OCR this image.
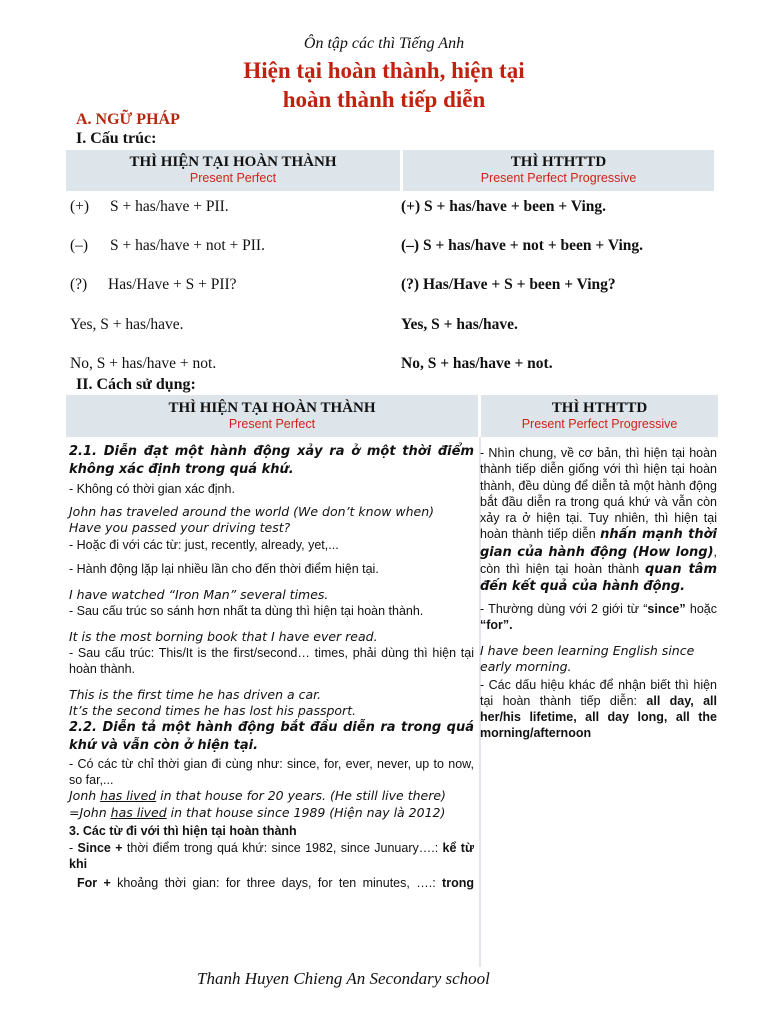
Ôn tập các thì Tiếng Anh
Hiện tại hoàn thành, hiện tại
hoàn thành tiếp diễn
A. NGỮ PHÁP
I. Cấu trúc:
THÌ HIỆN TẠI HOÀN THÀNH
Present Perfect
THÌ HTHTTD
Present Perfect Progressive
(+) S + has/have + PII.
(–) S + has/have + not + PII.
(?) Has/Have + S + PII?
Yes, S + has/have.
No, S + has/have + not.
(+) S + has/have + been + Ving.
(–) S + has/have + not + been + Ving.
(?) Has/Have + S + been + Ving?
Yes, S + has/have.
No, S + has/have + not.
II. Cách sử dụng:
THÌ HIỆN TẠI HOÀN THÀNH
Present Perfect
THÌ HTHTTD
Present Perfect Progressive
2.1. Diễn đạt một hành động xảy ra ở một thời điểm không xác định trong quá khứ.
- Không có thời gian xác định.
John has traveled around the world (We don’t know when)
Have you passed your driving test?
- Hoặc đi với các từ: just, recently, already, yet,...
- Hành động lặp lại nhiều lần cho đến thời điểm hiện tại.
I have watched “Iron Man” several times.
- Sau cấu trúc so sánh hơn nhất ta dùng thì hiện tại hoàn thành.
It is the most borning book that I have ever read.
- Sau cấu trúc: This/It is the first/second… times, phải dùng thì hiện tại hoàn thành.
This is the first time he has driven a car.
It’s the second times he has lost his passport.
2.2. Diễn tả một hành động bắt đầu diễn ra trong quá khứ và vẫn còn ở hiện tại.
- Có các từ chỉ thời gian đi cùng như: since, for, ever, never, up to now, so far,...
Jonh has lived in that house for 20 years. (He still live there)
=John has lived in that house since 1989 (Hiện nay là 2012)
3. Các từ đi với thì hiện tại hoàn thành
- Since + thời điểm trong quá khứ: since 1982, since Junuary….: kể từ khi
For + khoảng thời gian: for three days, for ten minutes, ….: trong
- Nhìn chung, về cơ bản, thì hiện tại hoàn thành tiếp diễn giống với thì hiện tại hoàn thành, đều dùng để diễn tả một hành động bắt đầu diễn ra trong quá khứ và vẫn còn xảy ra ở hiện tại. Tuy nhiên, thì hiện tại hoàn thành tiếp diễn nhấn mạnh thời gian của hành động (How long), còn thì hiện tại hoàn thành quan tâm đến kết quả của hành động.
- Thường dùng với 2 giới từ “since” hoặc “for”.
I have been learning English since early morning.
- Các dấu hiệu khác để nhận biết thì hiện tại hoàn thành tiếp diễn: all day, all her/his lifetime, all day long, all the morning/afternoon
Thanh Huyen Chieng An Secondary school
